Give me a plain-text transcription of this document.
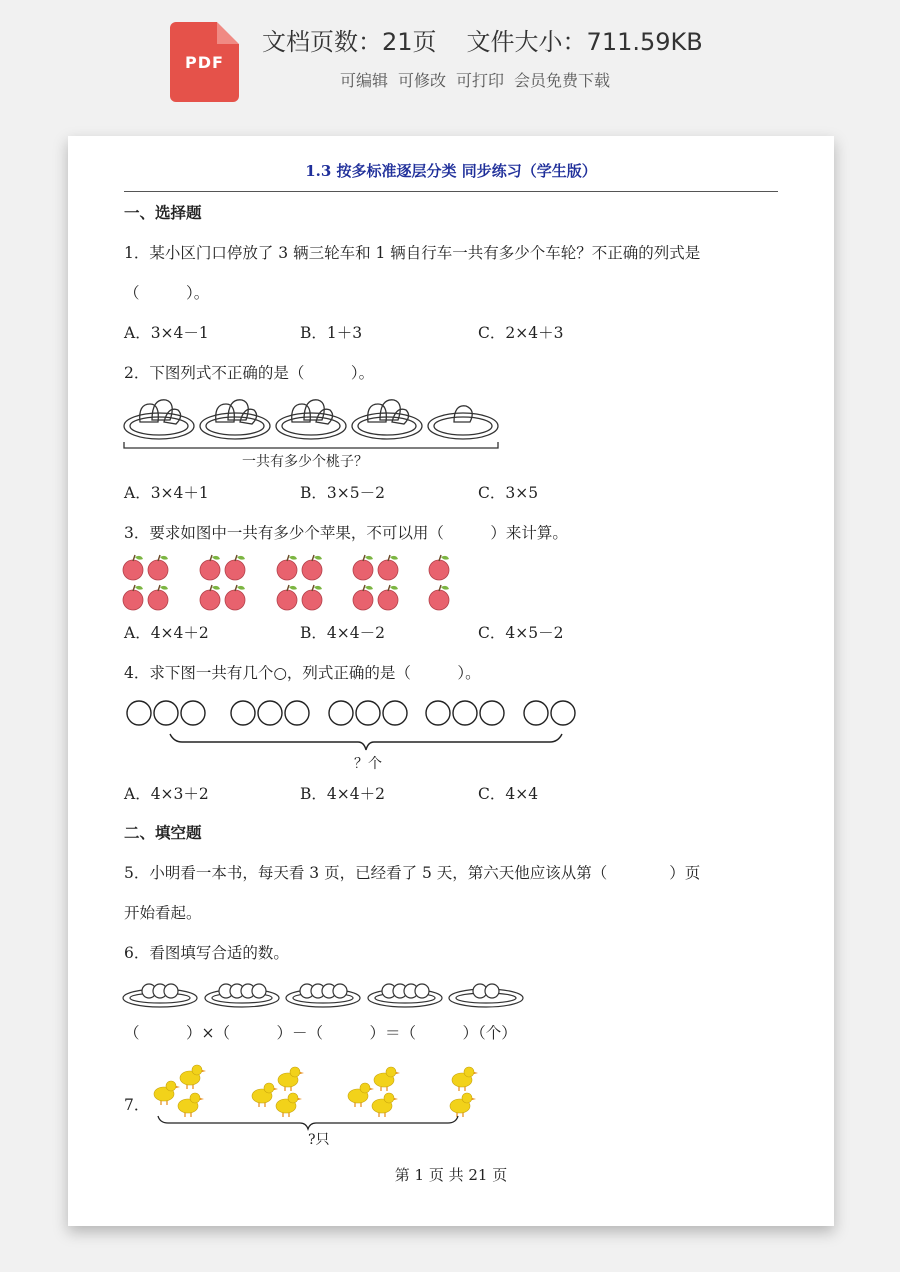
PDF
文档页数：21页 文件大小：711.59KB
可编辑 可修改 可打印 会员免费下载
1.3 按多标准逐层分类 同步练习（学生版）
一、选择题
1．某小区门口停放了 3 辆三轮车和 1 辆自行车一共有多少个车轮？不正确的列式是
（　　　）。
A．3×4－1	B．1＋3	C．2×4＋3
2．下图列式不正确的是（　　　）。
一共有多少个桃子？
A．3×4＋1	B．3×5－2	C．3×5
3．要求如图中一共有多少个苹果，不可以用（　　　）来计算。
A．4×4＋2	B．4×4－2	C．4×5－2
4．求下图一共有几个○，列式正确的是（　　　）。
？个
A．4×3＋2	B．4×4＋2	C．4×4
二、填空题
5．小明看一本书，每天看 3 页，已经看了 5 天，第六天他应该从第（　　　　）页
开始看起。
6．看图填写合适的数。
（　　　）×（　　　）－（　　　）＝（　　　）（个）
7．
?只
第 1 页 共 21 页
